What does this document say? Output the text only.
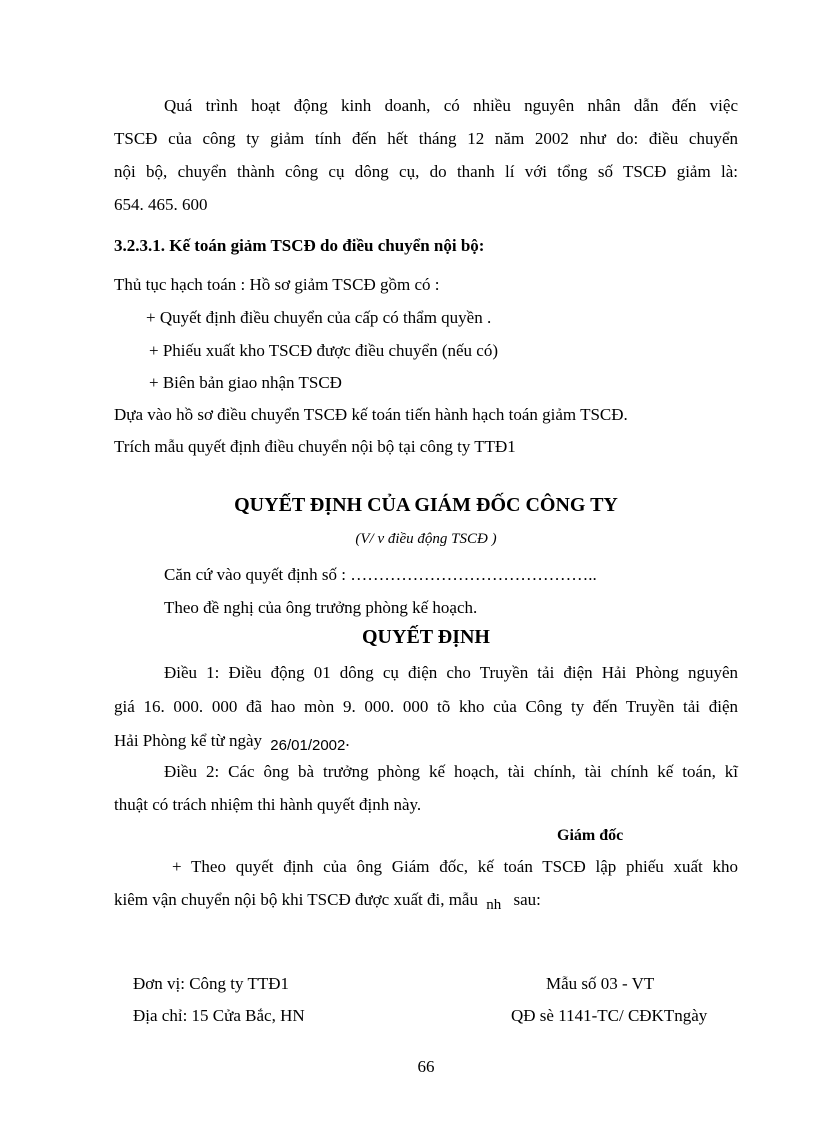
Quá trình hoạt động kinh doanh, có nhiều nguyên nhân dẫn đến việc
TSCĐ của công ty giảm tính đến hết tháng 12 năm 2002 như do: điều chuyển
nội bộ, chuyển thành công cụ dông cụ, do thanh lí với tổng số TSCĐ giảm là:
654. 465. 600
3.2.3.1. Kế toán giảm TSCĐ do điều chuyển nội bộ:
Thủ tục hạch toán : Hồ sơ giảm TSCĐ gồm có :
+ Quyết định điều chuyển của cấp có thẩm quyền .
+ Phiếu xuất kho TSCĐ được điều chuyển (nếu có)
+ Biên bản giao nhận TSCĐ
Dựa vào hồ sơ điều chuyển TSCĐ kế toán tiến hành hạch toán giảm TSCĐ.
Trích mẫu quyết định điều chuyển nội bộ tại công ty TTĐ1
QUYẾT ĐỊNH CỦA GIÁM ĐỐC CÔNG TY
(V/ v điều động TSCĐ )
Căn cứ vào quyết định số : ……………………………………..
Theo đề nghị của ông trưởng phòng kế hoạch.
QUYẾT ĐỊNH
Điều 1: Điều động 01 dông cụ điện cho Truyền tải điện Hải Phòng nguyên
giá 16. 000. 000 đã hao mòn 9. 000. 000 tõ kho của Công ty đến Truyền tải điện
Hải Phòng kể từ ngày 26/01/2002.
Điều 2: Các ông bà trưởng phòng kế hoạch, tài chính, tài chính kế toán, kĩ
thuật có trách nhiệm thi hành quyết định này.
Giám đốc
+ Theo quyết định của ông Giám đốc, kế toán TSCĐ lập phiếu xuất kho
kiêm vận chuyển nội bộ khi TSCĐ được xuất đi, mẫu nh sau:
Đơn vị: Công ty TTĐ1
Địa chỉ: 15 Cửa Bắc, HN
Mẫu số 03 - VT
QĐ sè 1141-TC/ CĐKTngày
66
